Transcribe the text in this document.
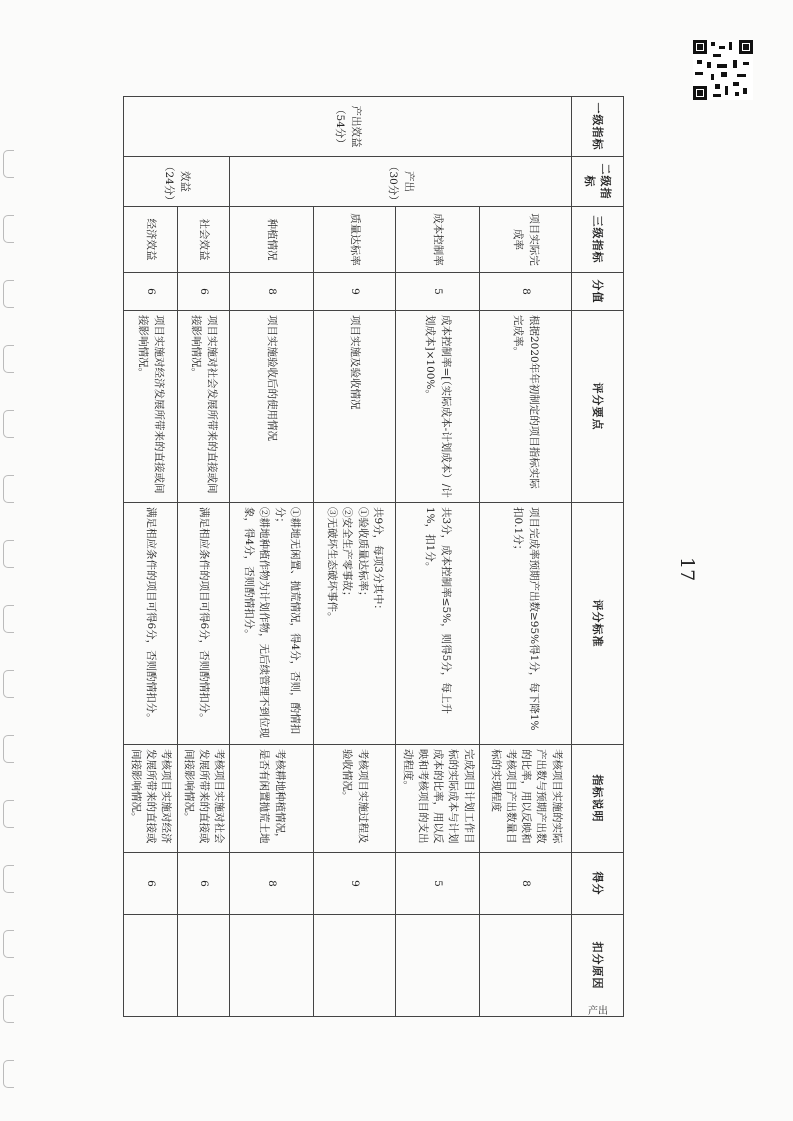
一级指标	二级指标	三级指标	分值	评分要点	评分标准	指标说明	得分	扣分原因
产出效益（54分）	产出（30分）	项目实际完成率	8	根据2020年年初制定的项目指标实际完成率。	项目完成率预期产出数≥95%得1分，每下降1%扣0.1分；	考核项目实施的实际产出数与预期产出数的比率，用以反映和考核项目产出数量目标的实现程度	8	
		成本控制率	5	成本控制率=[（实际成本-计划成本）/计划成本]×100%。	共3分，成本控制率≤5%，则得5分，每上升1%，扣1分。	完成项目计划工作目标的实际成本与计划成本的比率，用以反映和考核项目的支出动程度。	5	
		质量达标率	9	项目实施及验收情况	共9分，每项3分其中：
①验收质量达标率；
②安全生产零事故；
③无破坏生态破坏事件。	考核项目实施过程及验收情况。	9	
		种植情况	8	项目实施验收后的使用情况	①耕地无闲置、抛荒情况，得4分，否则，酌情扣分；
②耕地种植作物为计划作物，无后续管理不到位现象，得4分，否则酌情扣分。	考核耕地种植情况，是否有闲置抛荒土地	8	
	效益（24分）	社会效益	6	项目实施对社会发展所带来的直接或间接影响情况。	满足相应条件的项目可得6分，否则酌情扣分。	考核项目实施对社会发展所带来的直接或间接影响情况。	6	
		经济效益	6	项目实施对经济发展所带来的直接或间接影响情况。	满足相应条件的项目可得6分，否则酌情扣分。	考核项目实施对经济发展所带来的直接或间接影响情况。	6	
17
产出
